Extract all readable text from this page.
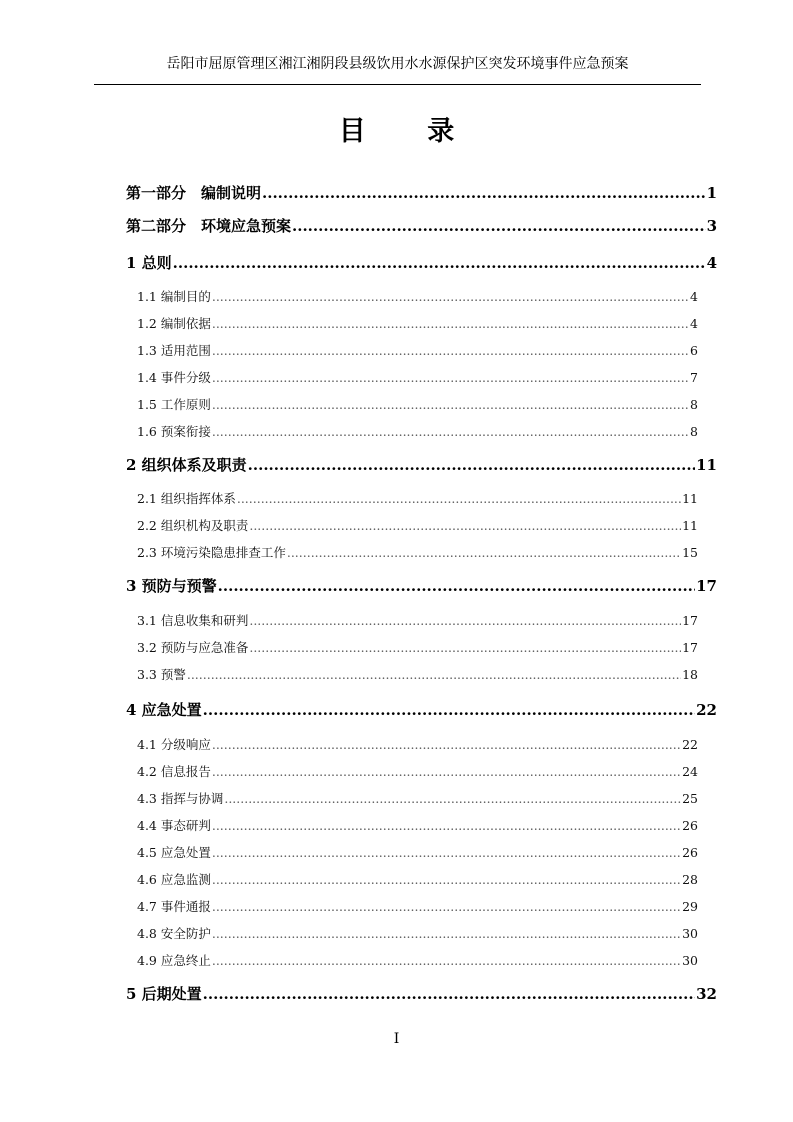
岳阳市屈原管理区湘江湘阴段县级饮用水水源保护区突发环境事件应急预案
目 录
第一部分　编制说明 .....	1
第二部分　环境应急预案 .....	3
1 总则 .....	4
1.1 编制目的 .....	4
1.2 编制依据 .....	4
1.3 适用范围 .....	6
1.4 事件分级 .....	7
1.5 工作原则 .....	8
1.6 预案衔接 .....	8
2 组织体系及职责 .....	11
2.1 组织指挥体系 .....	11
2.2 组织机构及职责 .....	11
2.3 环境污染隐患排查工作 .....	15
3 预防与预警 .....	17
3.1 信息收集和研判 .....	17
3.2 预防与应急准备 .....	17
3.3 预警 .....	18
4 应急处置 .....	22
4.1 分级响应 .....	22
4.2 信息报告 .....	24
4.3 指挥与协调 .....	25
4.4 事态研判 .....	26
4.5 应急处置 .....	26
4.6 应急监测 .....	28
4.7 事件通报 .....	29
4.8 安全防护 .....	30
4.9 应急终止 .....	30
5 后期处置 .....	32
I
